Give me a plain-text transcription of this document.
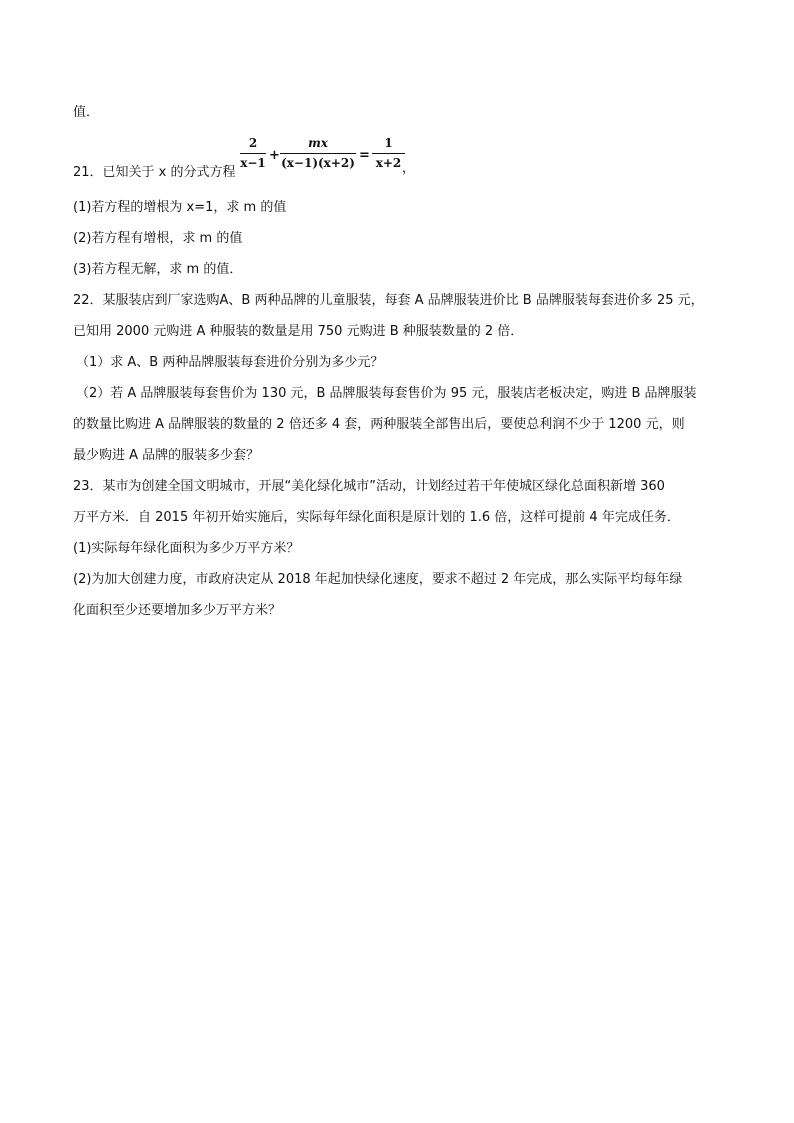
值．
21．已知关于 x 的分式方程
2
x−1 +
mx
(x−1)(x+2) =
1
x+2 ，
(1)若方程的增根为 x=1，求 m 的值
(2)若方程有增根，求 m 的值
(3)若方程无解，求 m 的值．
22．某服装店到厂家选购A、B 两种品牌的儿童服装，每套 A 品牌服装进价比 B 品牌服装每套进价多 25 元，
已知用 2000 元购进 A 种服装的数量是用 750 元购进 B 种服装数量的 2 倍．
（1）求 A、B 两种品牌服装每套进价分别为多少元？
（2）若 A 品牌服装每套售价为 130 元，B 品牌服装每套售价为 95 元，服装店老板决定，购进 B 品牌服装
的数量比购进 A 品牌服装的数量的 2 倍还多 4 套，两种服装全部售出后，要使总利润不少于 1200 元，则
最少购进 A 品牌的服装多少套？
23．某市为创建全国文明城市，开展“美化绿化城市”活动，计划经过若干年使城区绿化总面积新增 360
万平方米．自 2015 年初开始实施后，实际每年绿化面积是原计划的 1.6 倍，这样可提前 4 年完成任务．
(1)实际每年绿化面积为多少万平方米？
(2)为加大创建力度，市政府决定从 2018 年起加快绿化速度，要求不超过 2 年完成，那么实际平均每年绿
化面积至少还要增加多少万平方米？
